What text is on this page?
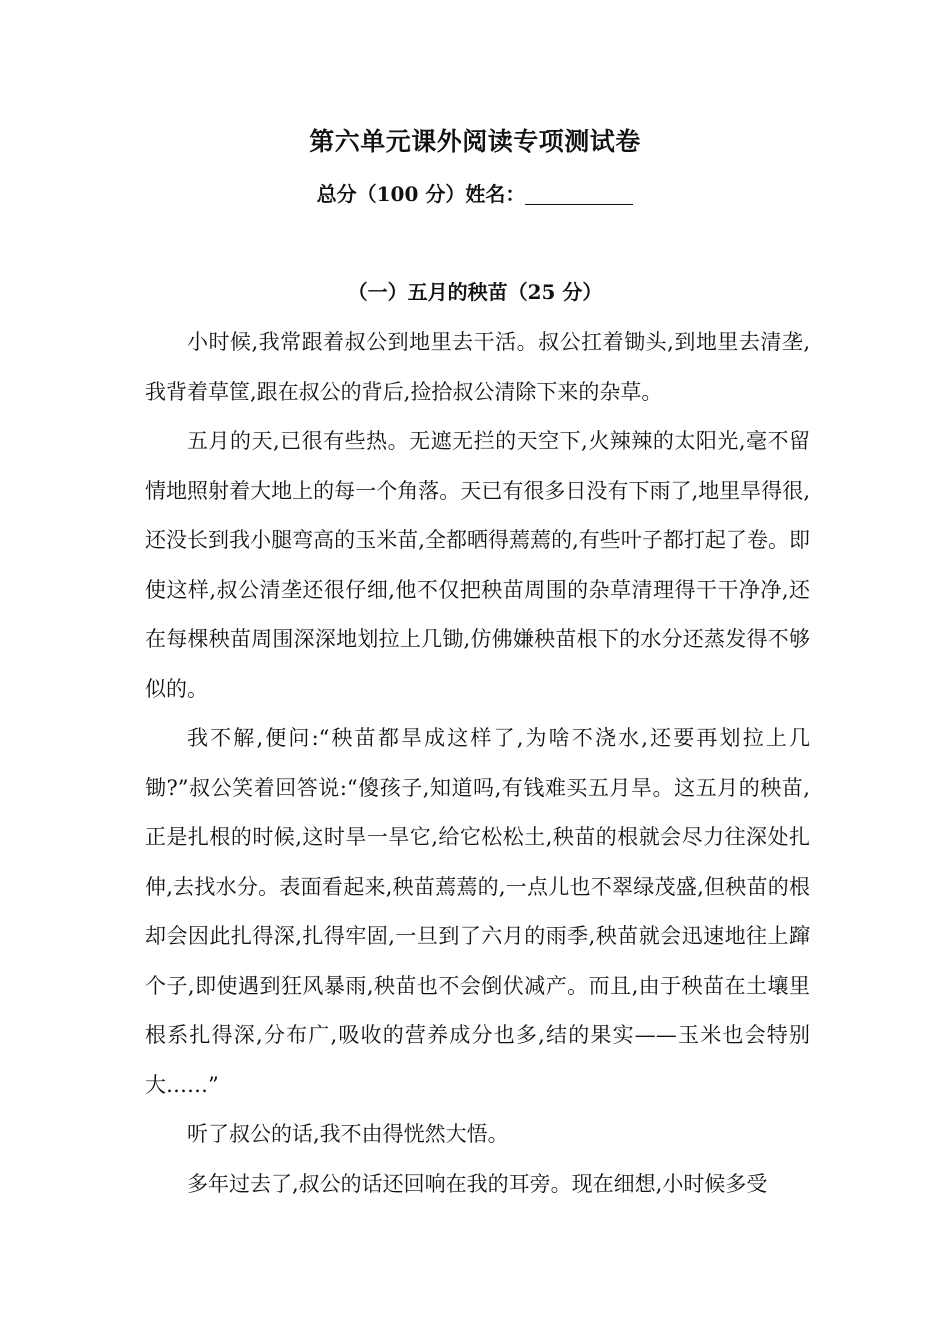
第六单元课外阅读专项测试卷
总分（100 分）姓名：
（一）五月的秧苗（25 分）

小时候,我常跟着叔公到地里去干活。叔公扛着锄头,到地里去清垄,我背着草筐,跟在叔公的背后,捡拾叔公清除下来的杂草。

五月的天,已很有些热。无遮无拦的天空下,火辣辣的太阳光,毫不留情地照射着大地上的每一个角落。天已有很多日没有下雨了,地里旱得很,还没长到我小腿弯高的玉米苗,全都晒得蔫蔫的,有些叶子都打起了卷。即使这样,叔公清垄还很仔细,他不仅把秧苗周围的杂草清理得干干净净,还在每棵秧苗周围深深地划拉上几锄,仿佛嫌秧苗根下的水分还蒸发得不够似的。

我不解,便问:“秧苗都旱成这样了,为啥不浇水,还要再划拉上几锄?”叔公笑着回答说:“傻孩子,知道吗,有钱难买五月旱。这五月的秧苗,正是扎根的时候,这时旱一旱它,给它松松土,秧苗的根就会尽力往深处扎伸,去找水分。表面看起来,秧苗蔫蔫的,一点儿也不翠绿茂盛,但秧苗的根却会因此扎得深,扎得牢固,一旦到了六月的雨季,秧苗就会迅速地往上蹿个子,即使遇到狂风暴雨,秧苗也不会倒伏减产。而且,由于秧苗在土壤里根系扎得深,分布广,吸收的营养成分也多,结的果实——玉米也会特别大……”

听了叔公的话,我不由得恍然大悟。

多年过去了,叔公的话还回响在我的耳旁。现在细想,小时候多受
